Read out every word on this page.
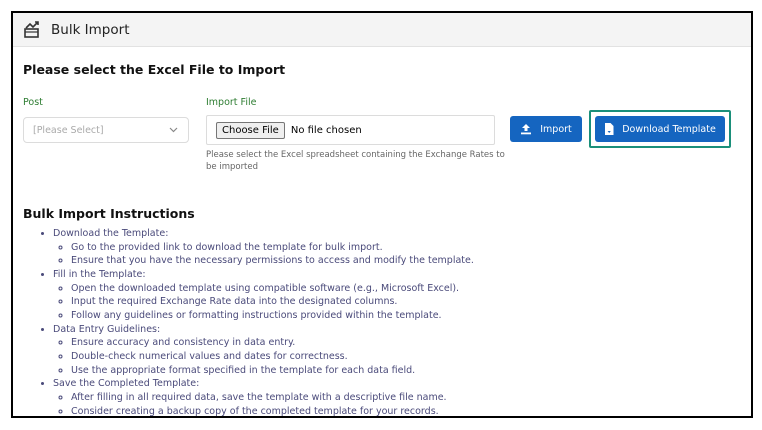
Bulk Import
Please select the Excel File to Import
Post
[Please Select]
Import File
Choose File	No file chosen
Please select the Excel spreadsheet containing the Exchange Rates to be imported
Import	Download Template
Bulk Import Instructions
• Download the Template:
◦ Go to the provided link to download the template for bulk import.
◦ Ensure that you have the necessary permissions to access and modify the template.
• Fill in the Template:
◦ Open the downloaded template using compatible software (e.g., Microsoft Excel).
◦ Input the required Exchange Rate data into the designated columns.
◦ Follow any guidelines or formatting instructions provided within the template.
• Data Entry Guidelines:
◦ Ensure accuracy and consistency in data entry.
◦ Double-check numerical values and dates for correctness.
◦ Use the appropriate format specified in the template for each data field.
• Save the Completed Template:
◦ After filling in all required data, save the template with a descriptive file name.
◦ Consider creating a backup copy of the completed template for your records.
